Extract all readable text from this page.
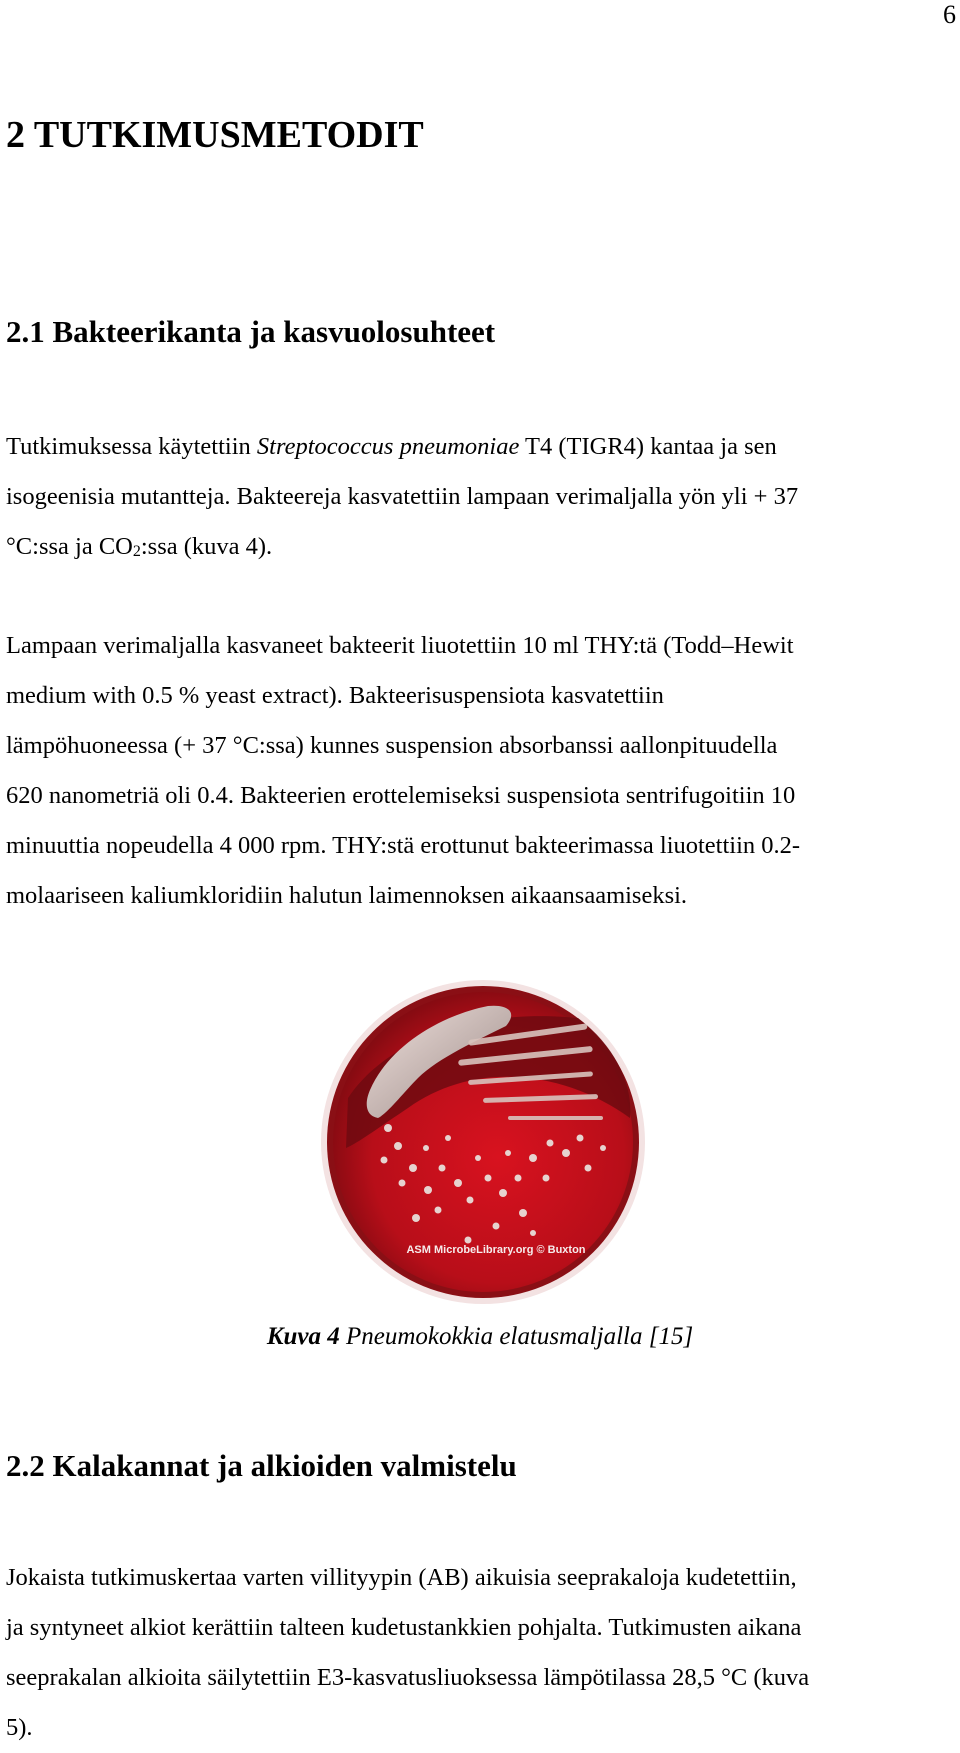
6
2 TUTKIMUSMETODIT
2.1 Bakteerikanta ja kasvuolosuhteet

Tutkimuksessa käytettiin Streptococcus pneumoniae T4 (TIGR4) kantaa ja sen
isogeenisia mutantteja. Bakteereja kasvatettiin lampaan verimaljalla yön yli + 37
°C:ssa ja $CO_2:ssa$ (kuva 4).

Lampaan verimaljalla kasvaneet bakteerit liuotettiin 10 ml THY:tä (Todd–Hewit
medium with 0.5 % yeast extract). Bakteerisuspensiota kasvatettiin
lämpöhuoneessa (+ 37 °C:ssa) kunnes suspension absorbanssi aallonpituudella
620 nanometriä oli 0.4. Bakteerien erottelemiseksi suspensiota sentrifugoitiin 10
minuuttia nopeudella 4 000 rpm. THY:stä erottunut bakteerimassa liuotettiin 0.2-
molaariseen kaliumkloridiin halutun laimennoksen aikaansaamiseksi.

ASM MicrobeLibrary.org © Buxton
Kuva 4 Pneumokokkia elatusmaljalla [15]
2.2 Kalakannat ja alkioiden valmistelu

Jokaista tutkimuskertaa varten villityypin (AB) aikuisia seeprakaloja kudetettiin,
ja syntyneet alkiot kerättiin talteen kudetustankkien pohjalta. Tutkimusten aikana
seeprakalan alkioita säilytettiin E3-kasvatusliuoksessa lämpötilassa 28,5 °C (kuva
5).
